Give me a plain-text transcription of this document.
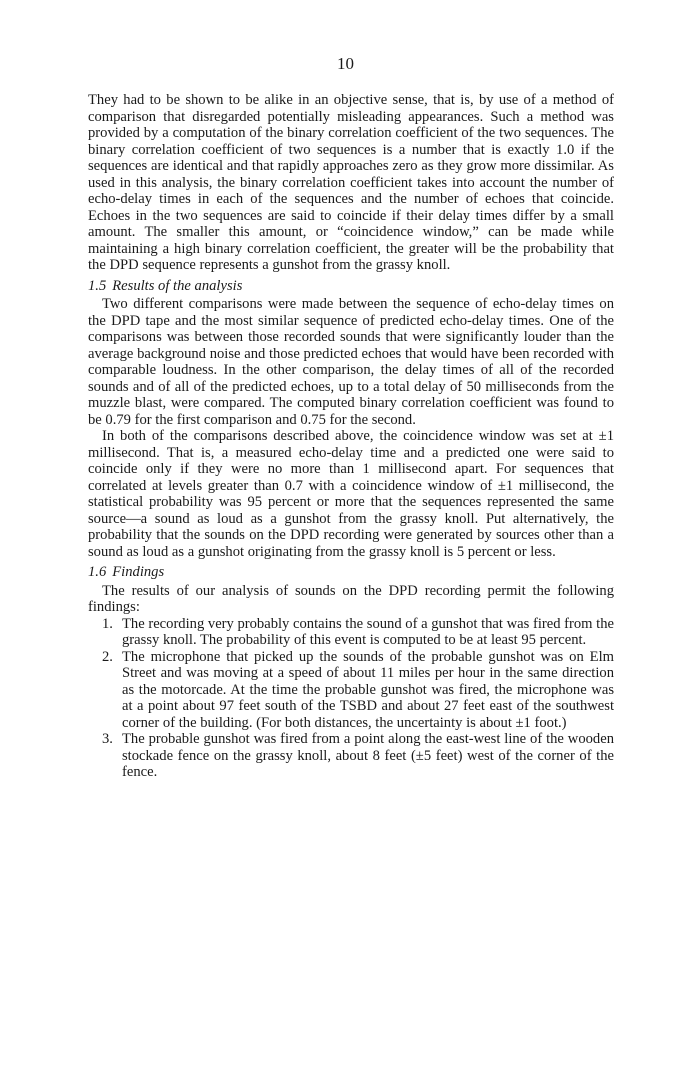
10

They had to be shown to be alike in an objective sense, that is, by use of a method of comparison that disregarded potentially misleading appearances. Such a method was provided by a computation of the binary correlation coefficient of the two sequences. The binary correlation coefficient of two sequences is a number that is exactly 1.0 if the sequences are identical and that rapidly approaches zero as they grow more dissimilar. As used in this analysis, the binary correlation coefficient takes into account the number of echo-delay times in each of the sequences and the number of echoes that coincide. Echoes in the two sequences are said to coincide if their delay times differ by a small amount. The smaller this amount, or “coincidence window,” can be made while maintaining a high binary correlation coefficient, the greater will be the probability that the DPD sequence represents a gunshot from the grassy knoll.

1.5 Results of the analysis

Two different comparisons were made between the sequence of echo-delay times on the DPD tape and the most similar sequence of predicted echo-delay times. One of the comparisons was between those recorded sounds that were significantly louder than the average background noise and those predicted echoes that would have been recorded with comparable loudness. In the other comparison, the delay times of all of the recorded sounds and of all of the predicted echoes, up to a total delay of 50 milliseconds from the muzzle blast, were compared. The computed binary correlation coefficient was found to be 0.79 for the first comparison and 0.75 for the second.

In both of the comparisons described above, the coincidence window was set at ±1 millisecond. That is, a measured echo-delay time and a predicted one were said to coincide only if they were no more than 1 millisecond apart. For sequences that correlated at levels greater than 0.7 with a coincidence window of ±1 millisecond, the statistical probability was 95 percent or more that the sequences represented the same source—a sound as loud as a gunshot from the grassy knoll. Put alternatively, the probability that the sounds on the DPD recording were generated by sources other than a sound as loud as a gunshot originating from the grassy knoll is 5 percent or less.

1.6 Findings

The results of our analysis of sounds on the DPD recording permit the following findings:

1. The recording very probably contains the sound of a gunshot that was fired from the grassy knoll. The probability of this event is computed to be at least 95 percent.
2. The microphone that picked up the sounds of the probable gunshot was on Elm Street and was moving at a speed of about 11 miles per hour in the same direction as the motorcade. At the time the probable gunshot was fired, the microphone was at a point about 97 feet south of the TSBD and about 27 feet east of the southwest corner of the building. (For both distances, the uncertainty is about ±1 foot.)
3. The probable gunshot was fired from a point along the east-west line of the wooden stockade fence on the grassy knoll, about 8 feet (±5 feet) west of the corner of the fence.
